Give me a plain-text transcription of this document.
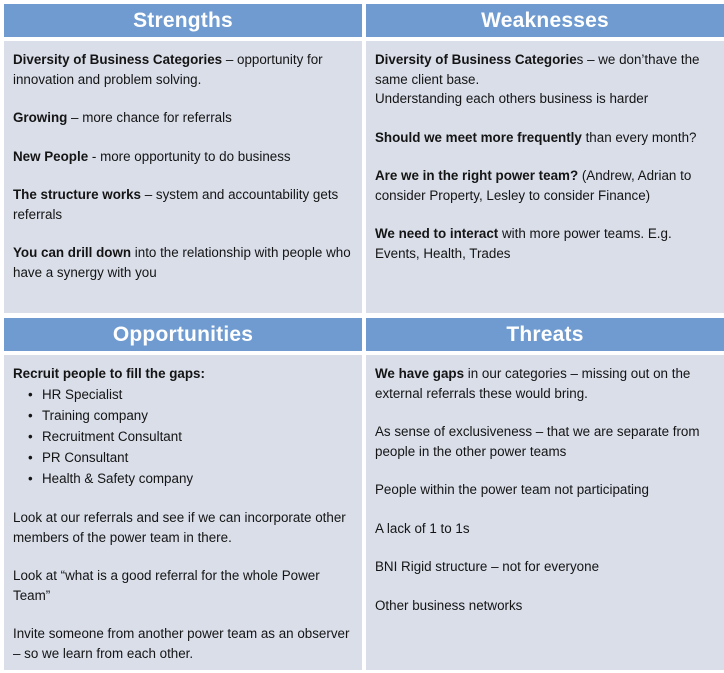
Strengths

Diversity of Business Categories – opportunity for innovation and problem solving.

Growing – more chance for referrals

New People - more opportunity to do business

The structure works – system and accountability gets referrals

You can drill down into the relationship with people who have a synergy with you

Weaknesses

Diversity of Business Categories – we don’thave the same client base.
Understanding each others business is harder

Should we meet more frequently than every month?

Are we in the right power team? (Andrew, Adrian to consider Property, Lesley to consider Finance)

We need to interact with more power teams. E.g. Events, Health, Trades

Opportunities

Recruit people to fill the gaps:

• HR Specialist
• Training company
• Recruitment Consultant
• PR Consultant
• Health & Safety company

Look at our referrals and see if we can incorporate other members of the power team in there.

Look at “what is a good referral for the whole Power Team”

Invite someone from another power team as an observer – so we learn from each other.

Threats

We have gaps in our categories – missing out on the external referrals these would bring.

As sense of exclusiveness – that we are separate from people in the other power teams

People within the power team not participating

A lack of 1 to 1s

BNI Rigid structure – not for everyone

Other business networks
